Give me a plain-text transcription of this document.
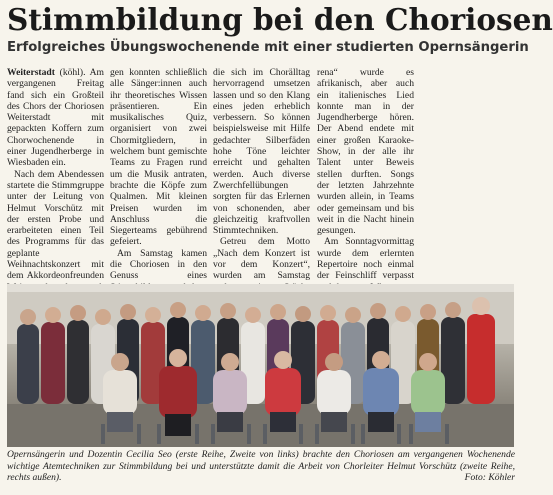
Stimmbildung bei den Choriosen
Erfolgreiches Übungswochenende mit einer studierten Opernsängerin

Weiterstadt (köhl). Am vergangenen Freitag fand sich ein Großteil des Chors der Choriosen Weiterstadt mit gepackten Koffern zum Chorwochenende in einer Jugendherberge in Wiesbaden ein.

Nach dem Abendessen startete die Stimmgruppe unter der Leitung von Helmut Vorschütz mit der ersten Probe und erarbeiteten einen Teil des Programms für das geplante Weihnachtskonzert mit dem Akkordeonfreunden

gen konnten schließlich alle Sänger:innen auch ihr theoretisches Wissen präsentieren. Ein musikalisches Quiz, organisiert von zwei Chormitgliedern, in welchem bunt gemischte Teams zu Fragen rund um die Musik antraten, brachte die Köpfe zum Qualmen. Mit kleinen Preisen wurden im Anschluss die Siegerteams gebührend gefeiert.

Am Samstag kamen die Choriosen in den Genuss eines

die sich im Chorälltag hervorragend umsetzen lassen und so den Klang eines jeden erheblich verbessern. So können beispielsweise mit Hilfe gedachter Silberfäden hohe Töne leichter erreicht und gehalten werden. Auch diverse Zwerchfellübungen sorgten für das Erlernen von schonenden, aber gleichzeitig kraftvollen Stimmtechniken.

Getreu dem Motto „Nach dem Konzert ist vor dem Konzert“, wurden am Samstag

rena“ wurde es afrikanisch, aber auch ein italienisches Lied konnte man in der Jugendherberge hören. Der Abend endete mit einer großen Karaoke-Show, in der alle ihr Talent unter Beweis stellen durften. Songs der letzten Jahrzehnte wurden allein, in Teams oder gemeinsam und bis weit in die Nacht hinein gesungen.

Am Sonntagvormittag wurde dem erlernten Repertoire noch einmal der Feinschliff verpasst

Opernsängerin und Dozentin Cecilia Seo (erste Reihe, Zweite von links) brachte den Choriosen am vergangenen Wochenende wichtige Atemtechniken zur Stimmbildung bei und unterstützte damit die Arbeit von Chorleiter Helmut Vorschütz (zweite Reihe, rechts außen).	Foto: Köhler
